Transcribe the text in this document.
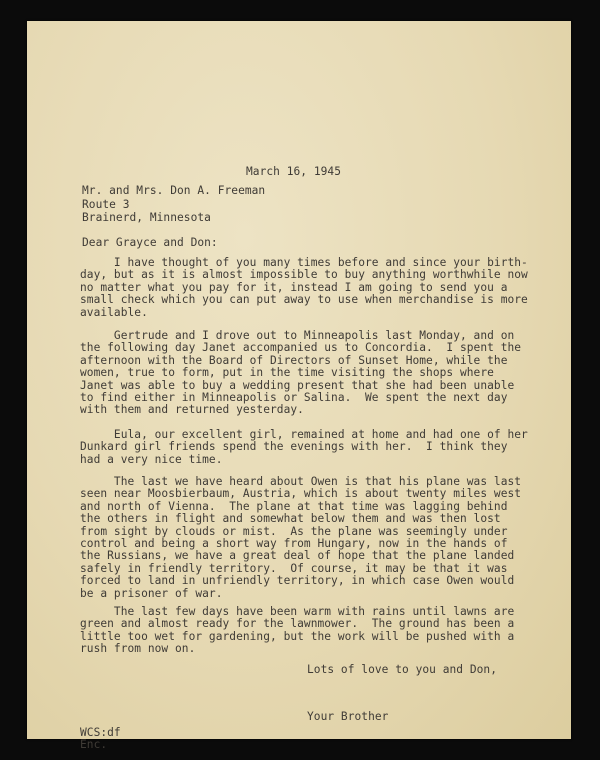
March 16, 1945
Mr. and Mrs. Don A. Freeman
Route 3
Brainerd, Minnesota
Dear Grayce and Don:
I have thought of you many times before and since your birth-
day, but as it is almost impossible to buy anything worthwhile now
no matter what you pay for it, instead I am going to send you a
small check which you can put away to use when merchandise is more
available.
Gertrude and I drove out to Minneapolis last Monday, and on
the following day Janet accompanied us to Concordia.  I spent the
afternoon with the Board of Directors of Sunset Home, while the
women, true to form, put in the time visiting the shops where
Janet was able to buy a wedding present that she had been unable
to find either in Minneapolis or Salina.  We spent the next day
with them and returned yesterday.
Eula, our excellent girl, remained at home and had one of her
Dunkard girl friends spend the evenings with her.  I think they
had a very nice time.
The last we have heard about Owen is that his plane was last
seen near Moosbierbaum, Austria, which is about twenty miles west
and north of Vienna.  The plane at that time was lagging behind
the others in flight and somewhat below them and was then lost
from sight by clouds or mist.  As the plane was seemingly under
control and being a short way from Hungary, now in the hands of
the Russians, we have a great deal of hope that the plane landed
safely in friendly territory.  Of course, it may be that it was
forced to land in unfriendly territory, in which case Owen would
be a prisoner of war.
The last few days have been warm with rains until lawns are
green and almost ready for the lawnmower.  The ground has been a
little too wet for gardening, but the work will be pushed with a
rush from now on.
Lots of love to you and Don,
Your Brother
WCS:df
Enc.
